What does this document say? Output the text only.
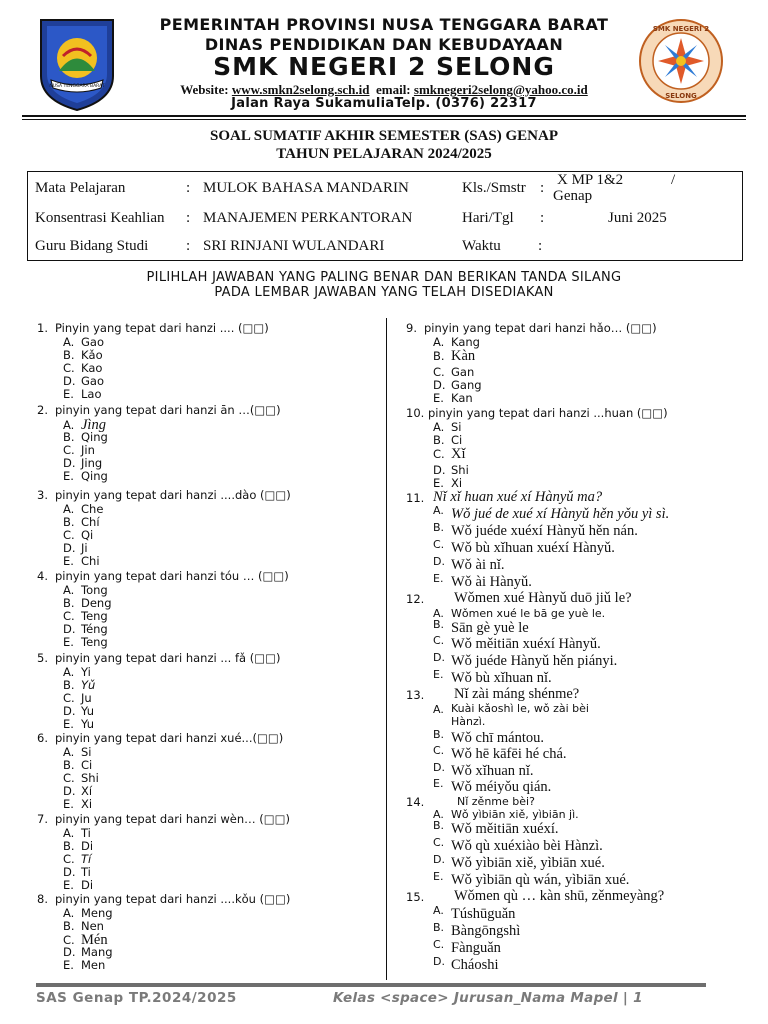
NUSA TENGGARA BARAT
PEMERINTAH PROVINSI NUSA TENGGARA BARAT
DINAS PENDIDIKAN DAN KEBUDAYAAN
SMK NEGERI 2 SELONG
Website: www.smkn2selong.sch.id email: smknegeri2selong@yahoo.co.id
Jalan Raya SukamuliaTelp. (0376) 22317
SMK NEGERI 2
SELONG
SOAL SUMATIF AKHIR SEMESTER (SAS) GENAP
TAHUN PELAJARAN 2024/2025
Mata Pelajaran	: MULOK BAHASA MANDARIN
Konsentrasi Keahlian : MANAJEMEN PERKANTORAN
Guru Bidang Studi	: SRI RINJANI WULANDARI
Kls./Smstr : X MP 1&2	/
Genap
Hari/Tgl :	Juni 2025
Waktu :
PILIHLAH JAWABAN YANG PALING BENAR DAN BERIKAN TANDA SILANG
PADA LEMBAR JAWABAN YANG TELAH DISEDIAKAN
SAS Genap TP.2024/2025	Kelas <space> Jurusan_Nama Mapel | 1
1. Pinyin yang tepat dari hanzi .... (□□)
A. Gao
B. Kǎo
C. Kao
D. Gao
E. Lao
2. pinyin yang tepat dari hanzi ān …(□□)
A. Jìng
B. Qing
C. Jin
D. Jing
E. Qing
3. pinyin yang tepat dari hanzi ....dào (□□)
A. Che
B. Chí
C. Qi
D. Ji
E. Chi
4. pinyin yang tepat dari hanzi tóu … (□□)
A. Tong
B. Deng
C. Teng
D. Téng
E. Teng
5. pinyin yang tepat dari hanzi ... fǎ (□□)
A. Yi
B. Yǔ
C. Ju
D. Yu
E. Yu
6. pinyin yang tepat dari hanzi xué...(□□)
A. Si
B. Ci
C. Shi
D. Xí
E. Xi
7. pinyin yang tepat dari hanzi wèn… (□□)
A. Ti
B. Di
C. Tí
D. Ti
E. Di
8. pinyin yang tepat dari hanzi ....kǒu (□□)
A. Meng
B. Nen
C. Mén
D. Mang
E. Men
9. pinyin yang tepat dari hanzi hǎo… (□□)
A. Kang
B. Kàn
C. Gan
D. Gang
E. Kan
10. pinyin yang tepat dari hanzi ...huan (□□)
A. Si
B. Ci
C. Xǐ
D. Shi
E. Xi
11. Nǐ xǐ huan xué xí Hànyǔ ma?
A. Wǒ jué de xué xí Hànyǔ hěn yǒu yì sì.
B. Wǒ juéde xuéxí Hànyǔ hěn nán.
C. Wǒ bù xǐhuan xuéxí Hànyǔ.
D. Wǒ ài nǐ.
E. Wǒ ài Hànyǔ.
12. Wǒmen xué Hànyǔ duō jiǔ le?
A. Wǒmen xué le bā ge yuè le.
B. Sān gè yuè le
C. Wǒ měitiān xuéxí Hànyǔ.
D. Wǒ juéde Hànyǔ hěn piányi.
E. Wǒ bù xǐhuan nǐ.
13. Nǐ zài máng shénme?
A. Kuài kǎoshì le, wǒ zài bèi Hànzì.
B. Wǒ chī mántou.
C. Wǒ hē kāfēi hé chá.
D. Wǒ xǐhuan nǐ.
E. Wǒ méiyǒu qián.
14.	Nǐ zěnme bèi?
A. Wǒ yìbiān xiě, yìbiān jì.
B. Wǒ měitiān xuéxí.
C. Wǒ qù xuéxiào bèi Hànzì.
D. Wǒ yìbiān xiě, yìbiān xué.
E. Wǒ yìbiān qù wán, yìbiān xué.
15. Wǒmen qù … kàn shū, zěnmeyàng?
A. Túshūguǎn
B. Bàngōngshì
C. Fànguǎn
D. Cháoshi
